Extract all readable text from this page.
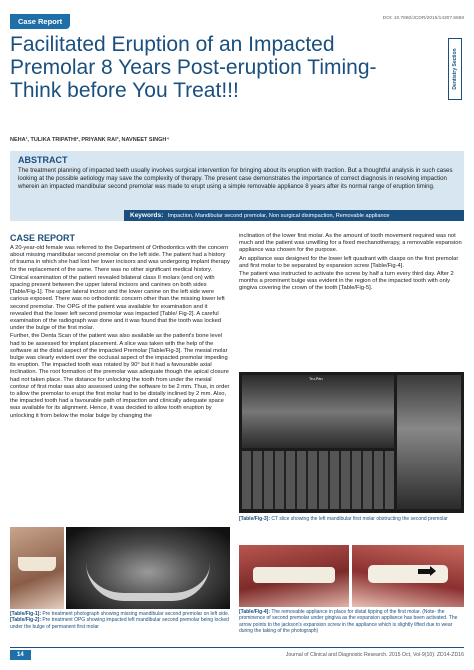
Case Report	DOI: 10.7860/JCDR/2015/14307.6658
Facilitated Eruption of an Impacted Premolar 8 Years Post-eruption Timing- Think before You Treat!!!
Dentistry Section
NEHA¹, TULIKA TRIPATHI², PRIYANK RAI³, NAVNEET SINGH⁴
ABSTRACT

The treatment planning of impacted teeth usually involves surgical intervention for bringing about its eruption with traction. But a thoughtful analysis in such cases looking at the possible aetiology may save the complexity of therapy. The present case demonstrates the importance of correct diagnosis in resolving impaction wherein an impacted mandibular second premolar was made to erupt using a simple removable appliance 8 years after its normal range of eruption timing.

Keywords: Impaction, Mandibular second premolar, Non surgical disimpaction, Removable appliance
CASE REPORT

A 20-year-old female was referred to the Department of Orthodontics with the concern about missing mandibular second premolar on the left side. The patient had a history of trauma in which she had lost her lower incisors and was undergoing implant therapy for the replacement of the same. There was no other significant medical history.

Clinical examination of the patient revealed bilateral class II molars (end on) with spacing present between the upper lateral incisors and canines on both sides [Table/Fig-1]. The upper lateral incisor and the lower canine on the left side were carious exposed. There was no orthodontic concern other than the missing lower left second premolar. The OPG of the patient was available for examination and it revealed that the lower left second premolar was impacted [Table/ Fig-2]. A careful examination of the radiograph was done and it was found that the tooth was locked under the bulge of the first molar.

Further, the Denta Scan of the patient was also available as the patient's bone level had to be assessed for implant placement. A slice was taken with the help of the software at the distal aspect of the impacted Premolar [Table/Fig-3]. The mesial molar bulge was clearly evident over the occlusal aspect of the impacted premolar impeding its eruption. The impacted tooth was rotated by 90° but it had a favourable axial inclination. The root formation of the premolar was adequate though the apical closure had not taken place. The distance for unlocking the tooth from under the mesial contour of first molar was also assessed using the software to be 2 mm. Thus, in order to allow the premolar to erupt the first molar had to be distally inclined by 2 mm. Also, the impacted tooth had a favourable path of impaction and clinically adequate space was available for its alignment. Hence, it was decided to allow tooth eruption by unlocking it from below the molar bulge by changing the

inclination of the lower first molar. As the amount of tooth movement required was not much and the patient was unwilling for a fixed mechanotherapy, a removable expansion appliance was chosen for the purpose.

An appliance was designed for the lower left quadrant with clasps on the first premolar and first molar to be separated by expansion screw [Table/Fig-4].

The patient was instructed to activate the screw by half a turn every third day. After 2 months a prominent bulge was evident in the region of the impacted tooth with only gingiva covering the crown of the tooth [Table/Fig-5].

Tru-Pan
[Table/Fig-3]: CT slice showing the left mandibular first molar obstructing the second premolar
[Table/Fig-1]: Pre treatment photograph showing missing mandibular second premolar on left side.
[Table/Fig-2]: Pre treatment OPG showing impacted left mandibular second premolar being locked under the bulge of permanent first molar
[Table/Fig-4]: The removable appliance in place for distal tipping of the first molar. (Note- the prominence of second premolar under gingiva as the expansion appliance has been activated. The arrow points to the jackson's expansion screw in the appliance which is slightly lifted due to wear during the taking of the photograph)
14	Journal of Clinical and Diagnostic Research. 2015 Oct, Vol-9(10): ZD14-ZD16
